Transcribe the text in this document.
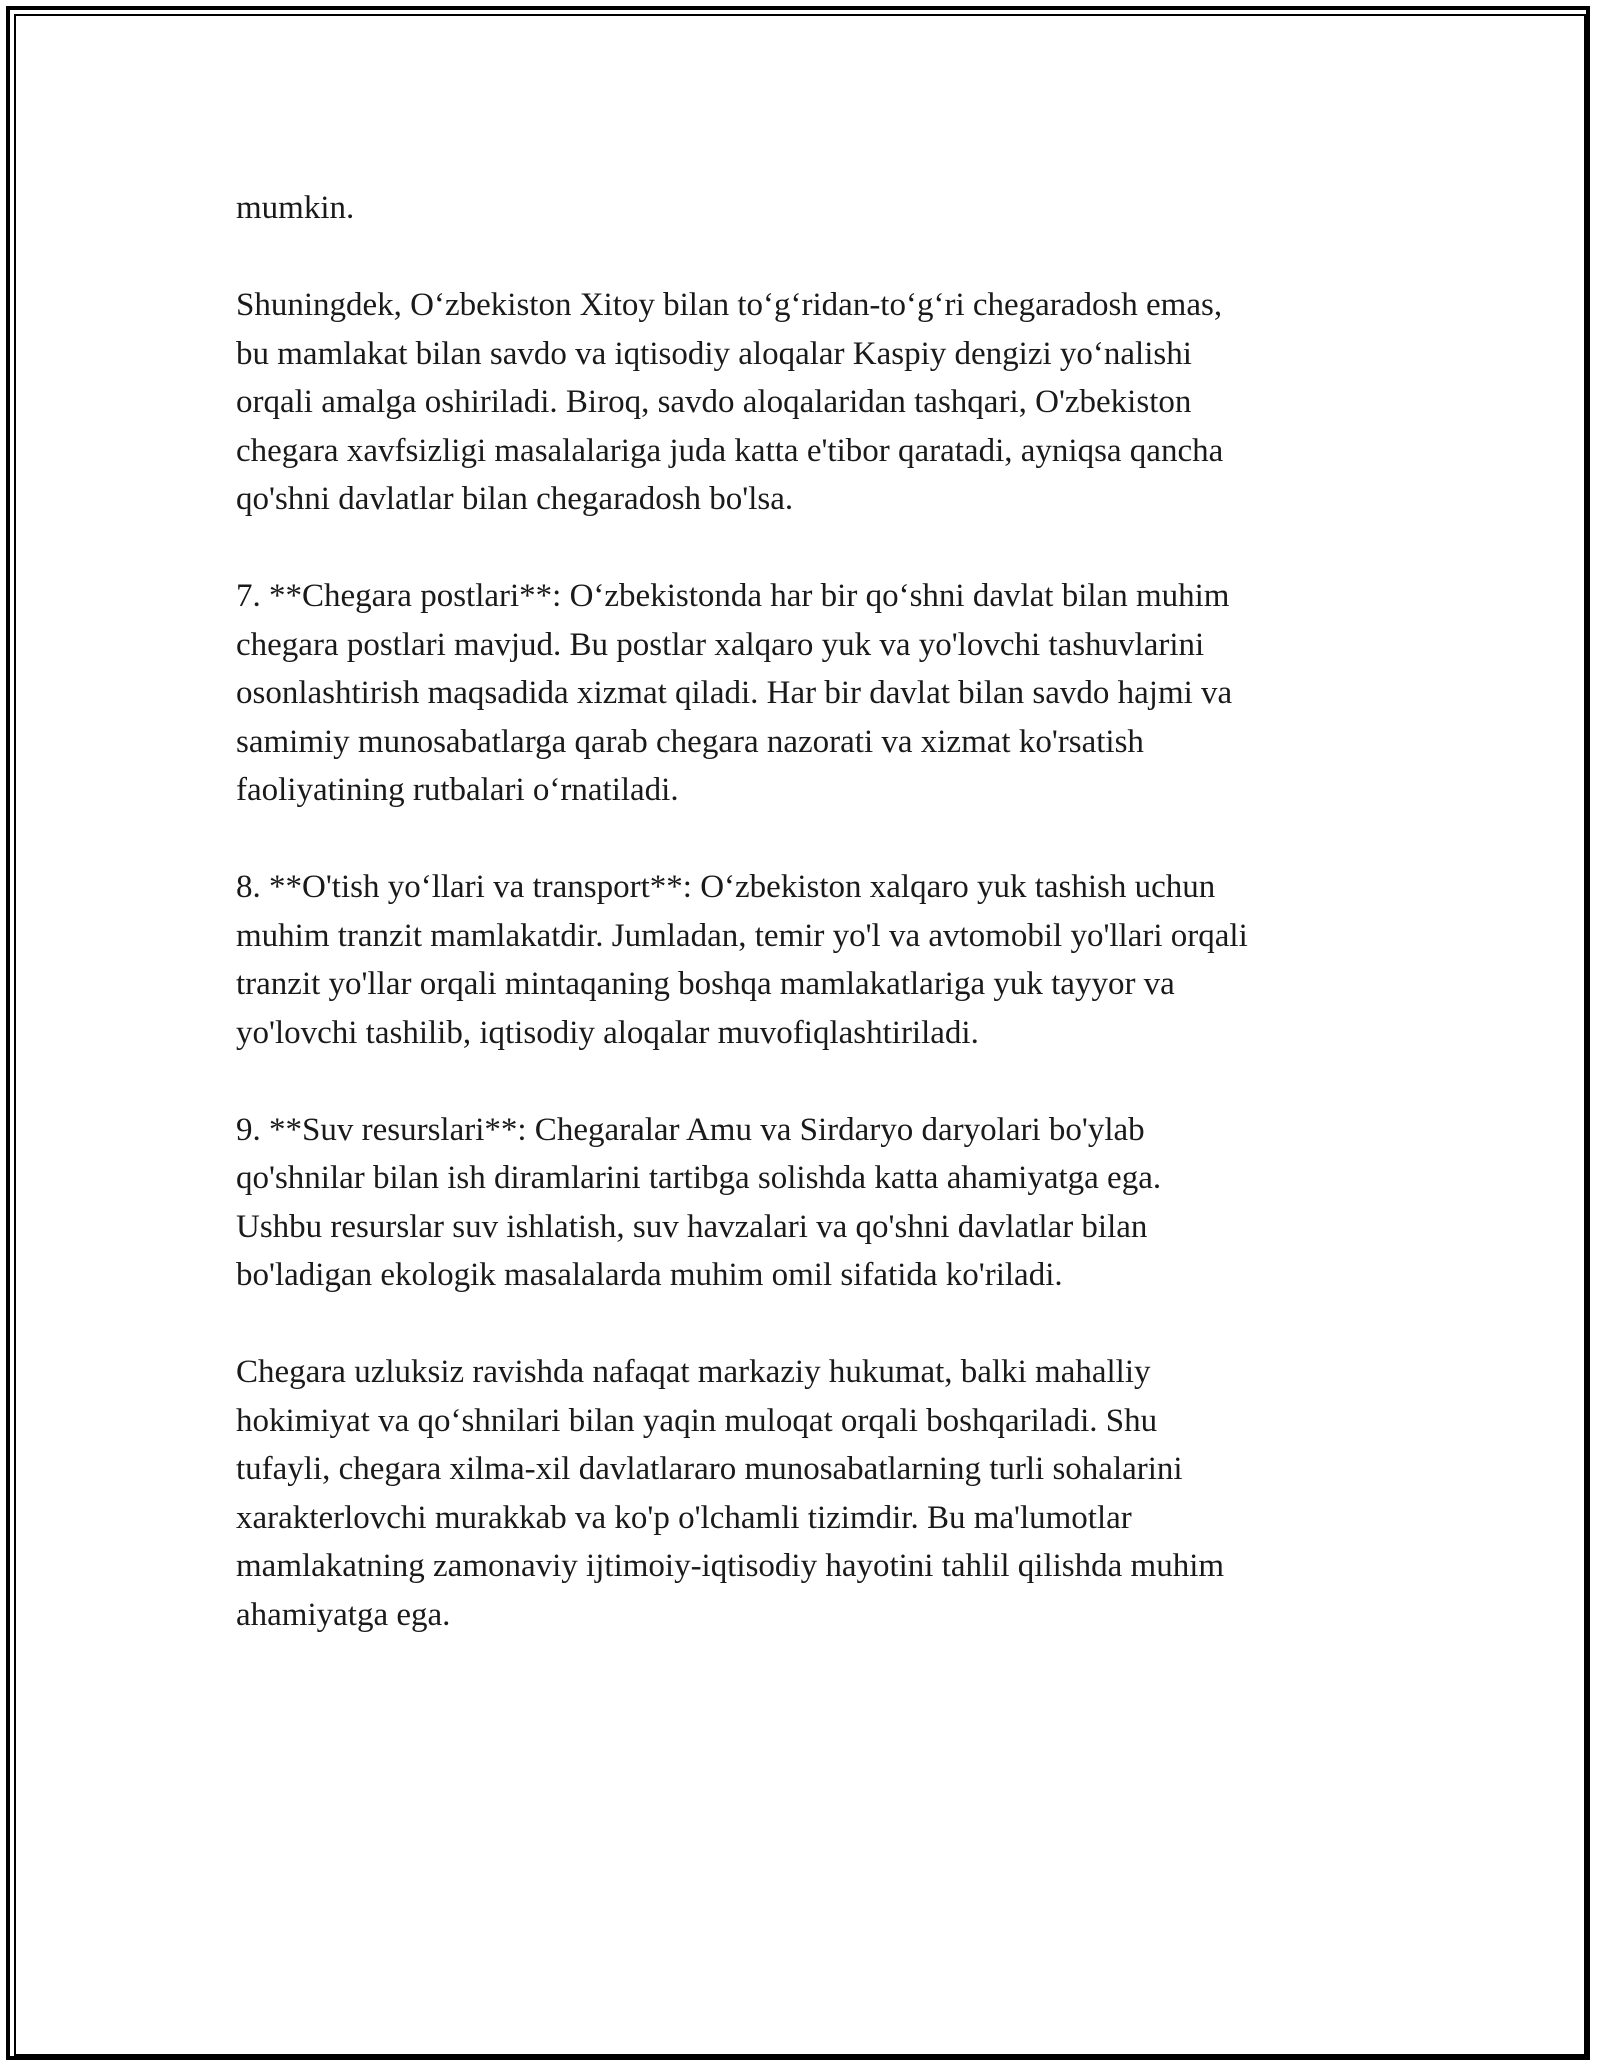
mumkin.

Shuningdek, O‘zbekiston Xitoy bilan to‘g‘ridan-to‘g‘ri chegaradosh emas,
bu mamlakat bilan savdo va iqtisodiy aloqalar Kaspiy dengizi yo‘nalishi
orqali amalga oshiriladi. Biroq, savdo aloqalaridan tashqari, O'zbekiston
chegara xavfsizligi masalalariga juda katta e'tibor qaratadi, ayniqsa qancha
qo'shni davlatlar bilan chegaradosh bo'lsa.

7. **Chegara postlari**: O‘zbekistonda har bir qo‘shni davlat bilan muhim
chegara postlari mavjud. Bu postlar xalqaro yuk va yo'lovchi tashuvlarini
osonlashtirish maqsadida xizmat qiladi. Har bir davlat bilan savdo hajmi va
samimiy munosabatlarga qarab chegara nazorati va xizmat ko'rsatish
faoliyatining rutbalari o‘rnatiladi.

8. **O'tish yo‘llari va transport**: O‘zbekiston xalqaro yuk tashish uchun
muhim tranzit mamlakatdir. Jumladan, temir yo'l va avtomobil yo'llari orqali
tranzit yo'llar orqali mintaqaning boshqa mamlakatlariga yuk tayyor va
yo'lovchi tashilib, iqtisodiy aloqalar muvofiqlashtiriladi.

9. **Suv resurslari**: Chegaralar Amu va Sirdaryo daryolari bo'ylab
qo'shnilar bilan ish diramlarini tartibga solishda katta ahamiyatga ega.
Ushbu resurslar suv ishlatish, suv havzalari va qo'shni davlatlar bilan
bo'ladigan ekologik masalalarda muhim omil sifatida ko'riladi.

Chegara uzluksiz ravishda nafaqat markaziy hukumat, balki mahalliy
hokimiyat va qo‘shnilari bilan yaqin muloqat orqali boshqariladi. Shu
tufayli, chegara xilma-xil davlatlararo munosabatlarning turli sohalarini
xarakterlovchi murakkab va ko'p o'lchamli tizimdir. Bu ma'lumotlar
mamlakatning zamonaviy ijtimoiy-iqtisodiy hayotini tahlil qilishda muhim
ahamiyatga ega.
